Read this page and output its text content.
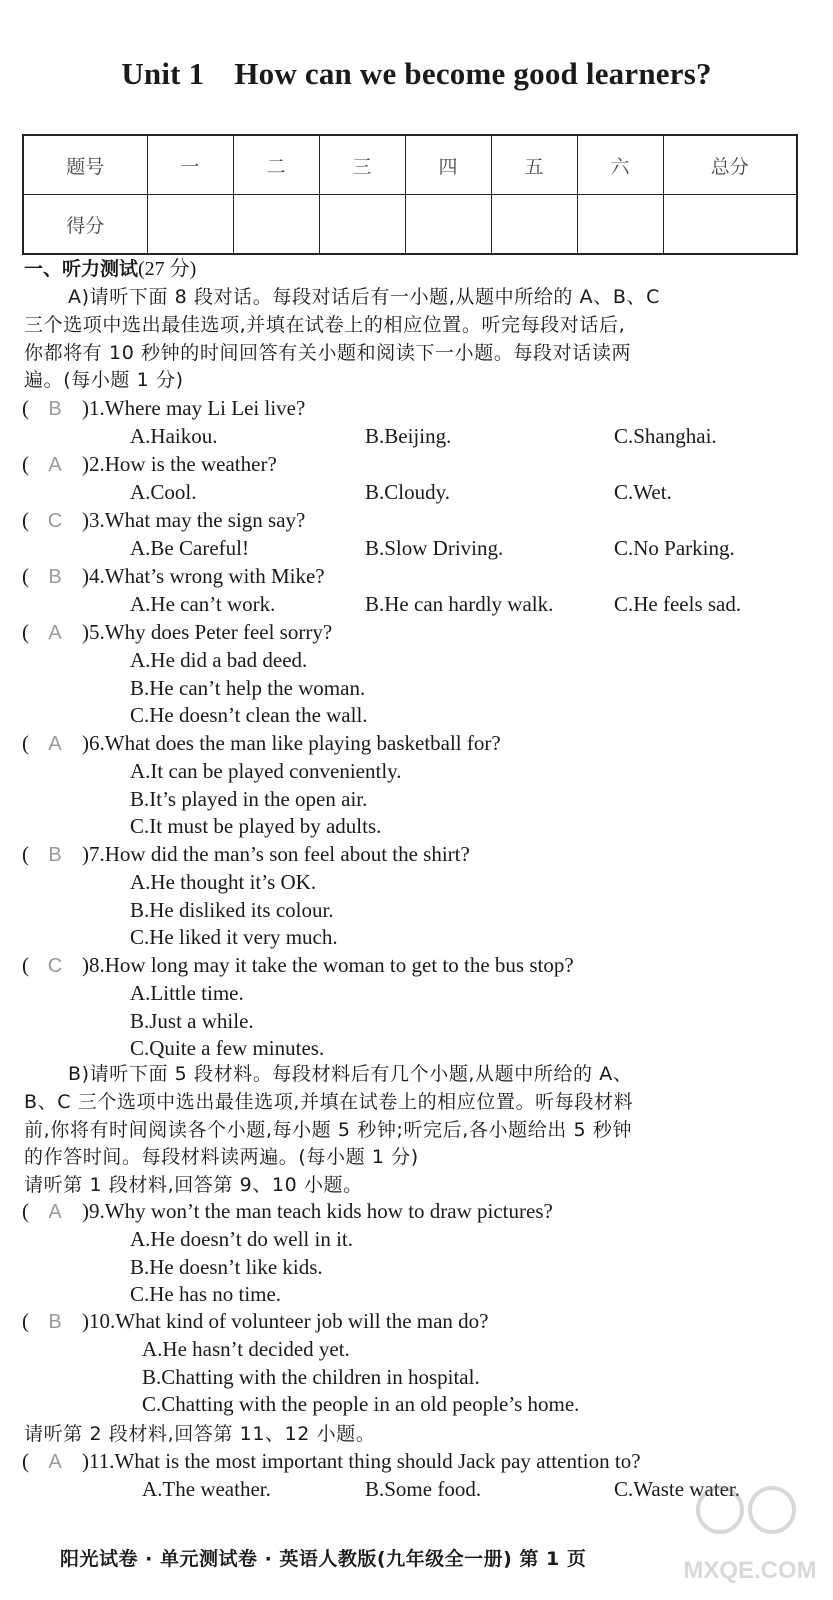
Unit 1 How can we become good learners?
题号	一	二	三	四	五	六	总分
得分							
一、听力测试(27 分)
A)请听下面 8 段对话。每段对话后有一小题,从题中所给的 A、B、C
三个选项中选出最佳选项,并填在试卷上的相应位置。听完每段对话后,
你都将有 10 秒钟的时间回答有关小题和阅读下一小题。每段对话读两
遍。(每小题 1 分)
( B )1.Where may Li Lei live?
A.Haikou.	B.Beijing.	C.Shanghai.
( A )2.How is the weather?
A.Cool.	B.Cloudy.	C.Wet.
( C )3.What may the sign say?
A.Be Careful!	B.Slow Driving.	C.No Parking.
( B )4.What’s wrong with Mike?
A.He can’t work.	B.He can hardly walk.	C.He feels sad.
( A )5.Why does Peter feel sorry?
A.He did a bad deed.
B.He can’t help the woman.
C.He doesn’t clean the wall.
( A )6.What does the man like playing basketball for?
A.It can be played conveniently.
B.It’s played in the open air.
C.It must be played by adults.
( B )7.How did the man’s son feel about the shirt?
A.He thought it’s OK.
B.He disliked its colour.
C.He liked it very much.
( C )8.How long may it take the woman to get to the bus stop?
A.Little time.
B.Just a while.
C.Quite a few minutes.
B)请听下面 5 段材料。每段材料后有几个小题,从题中所给的 A、
B、C 三个选项中选出最佳选项,并填在试卷上的相应位置。听每段材料
前,你将有时间阅读各个小题,每小题 5 秒钟;听完后,各小题给出 5 秒钟
的作答时间。每段材料读两遍。(每小题 1 分)
请听第 1 段材料,回答第 9、10 小题。
( A )9.Why won’t the man teach kids how to draw pictures?
A.He doesn’t do well in it.
B.He doesn’t like kids.
C.He has no time.
( B )10.What kind of volunteer job will the man do?
A.He hasn’t decided yet.
B.Chatting with the children in hospital.
C.Chatting with the people in an old people’s home.
( A )11.What is the most important thing should Jack pay attention to?
A.The weather.	B.Some food.	C.Waste water.
请听第 2 段材料,回答第 11、12 小题。
阳光试卷 · 单元测试卷 · 英语人教版(九年级全一册) 第 1 页	MXQE.COM
